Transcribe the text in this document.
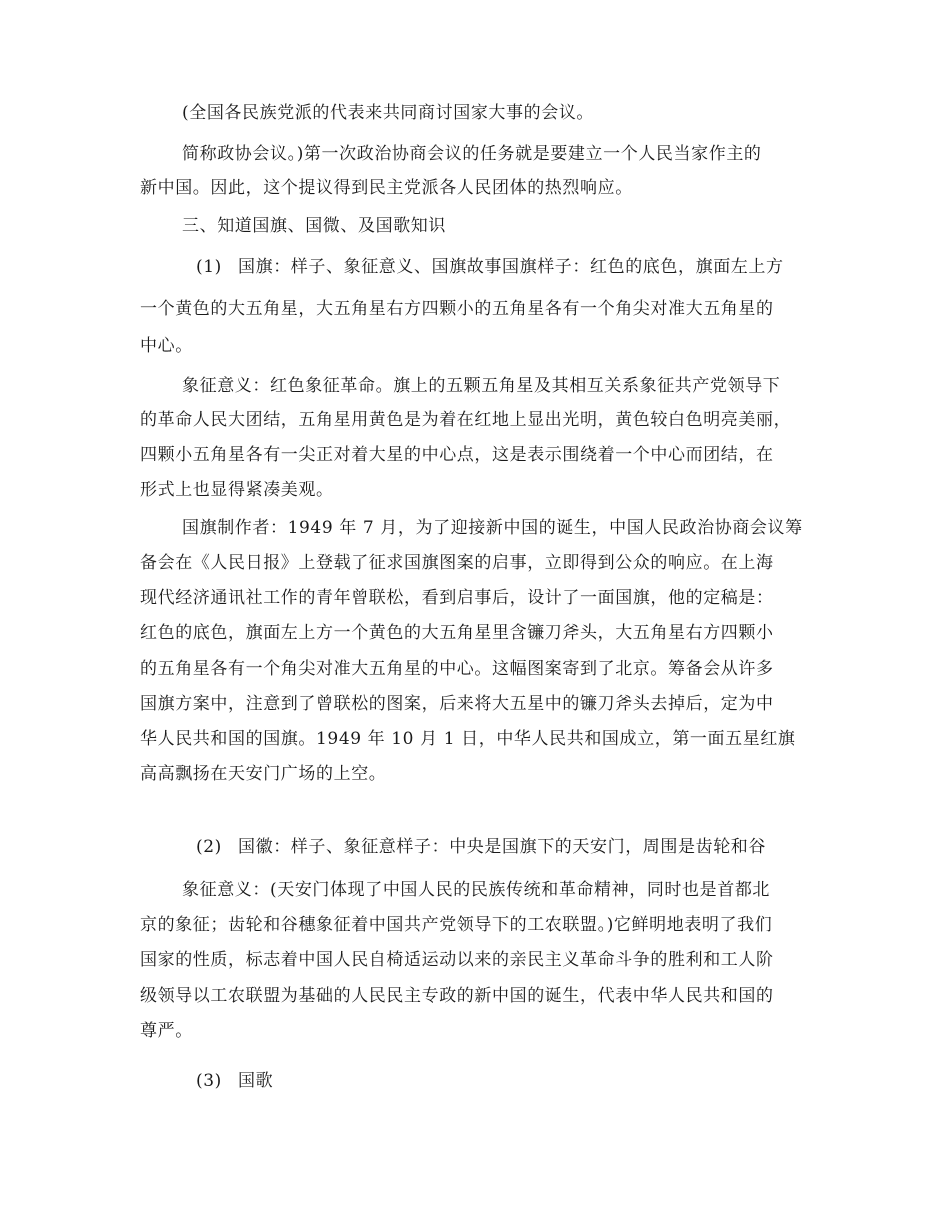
(全国各民族党派的代表来共同商讨国家大事的会议。
简称政协会议。)第一次政治协商会议的任务就是要建立一个人民当家作主的
新中国。因此，这个提议得到民主党派各人民团体的热烈响应。
三、知道国旗、国微、及国歌知识
(1) 国旗：样子、象征意义、国旗故事国旗样子：红色的底色，旗面左上方
一个黄色的大五角星，大五角星右方四颗小的五角星各有一个角尖对准大五角星的
中心。
象征意义：红色象征革命。旗上的五颗五角星及其相互关系象征共产党领导下
的革命人民大团结，五角星用黄色是为着在红地上显出光明，黄色较白色明亮美丽，
四颗小五角星各有一尖正对着大星的中心点，这是表示围绕着一个中心而团结，在
形式上也显得紧凑美观。
国旗制作者：1949 年 7 月，为了迎接新中国的诞生，中国人民政治协商会议筹
备会在《人民日报》上登载了征求国旗图案的启事，立即得到公众的响应。在上海
现代经济通讯社工作的青年曾联松，看到启事后，设计了一面国旗，他的定稿是：
红色的底色，旗面左上方一个黄色的大五角星里含镰刀斧头，大五角星右方四颗小
的五角星各有一个角尖对准大五角星的中心。这幅图案寄到了北京。筹备会从许多
国旗方案中，注意到了曾联松的图案，后来将大五星中的镰刀斧头去掉后，定为中
华人民共和国的国旗。1949 年 10 月 1 日，中华人民共和国成立，第一面五星红旗
高高飘扬在天安门广场的上空。
(2) 国徽：样子、象征意样子：中央是国旗下的天安门，周围是齿轮和谷
象征意义：(天安门体现了中国人民的民族传统和革命精神，同时也是首都北
京的象征；齿轮和谷穗象征着中国共产党领导下的工农联盟。)它鲜明地表明了我们
国家的性质，标志着中国人民自椅适运动以来的亲民主义革命斗争的胜利和工人阶
级领导以工农联盟为基础的人民民主专政的新中国的诞生，代表中华人民共和国的
尊严。
(3) 国歌
